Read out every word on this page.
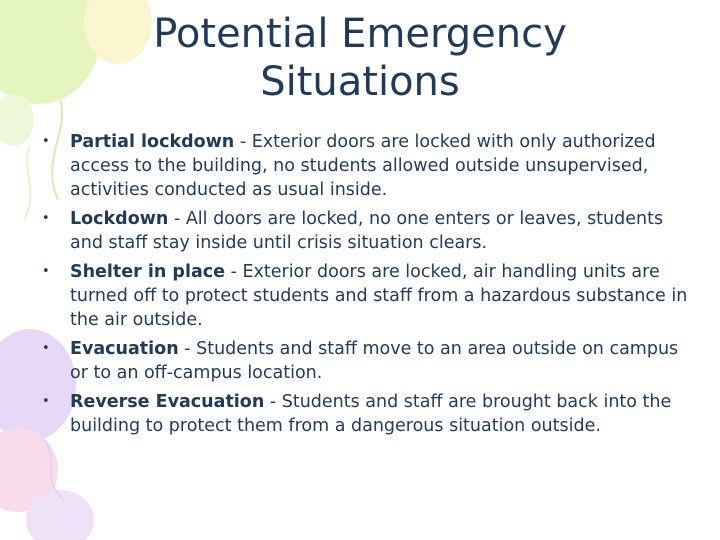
Potential Emergency
Situations
• Partial lockdown - Exterior doors are locked with only authorized access to the building, no students allowed outside unsupervised, activities conducted as usual inside.
• Lockdown - All doors are locked, no one enters or leaves, students and staff stay inside until crisis situation clears.
• Shelter in place - Exterior doors are locked, air handling units are turned off to protect students and staff from a hazardous substance in the air outside.
• Evacuation - Students and staff move to an area outside on campus or to an off-campus location.
• Reverse Evacuation - Students and staff are brought back into the building to protect them from a dangerous situation outside.
